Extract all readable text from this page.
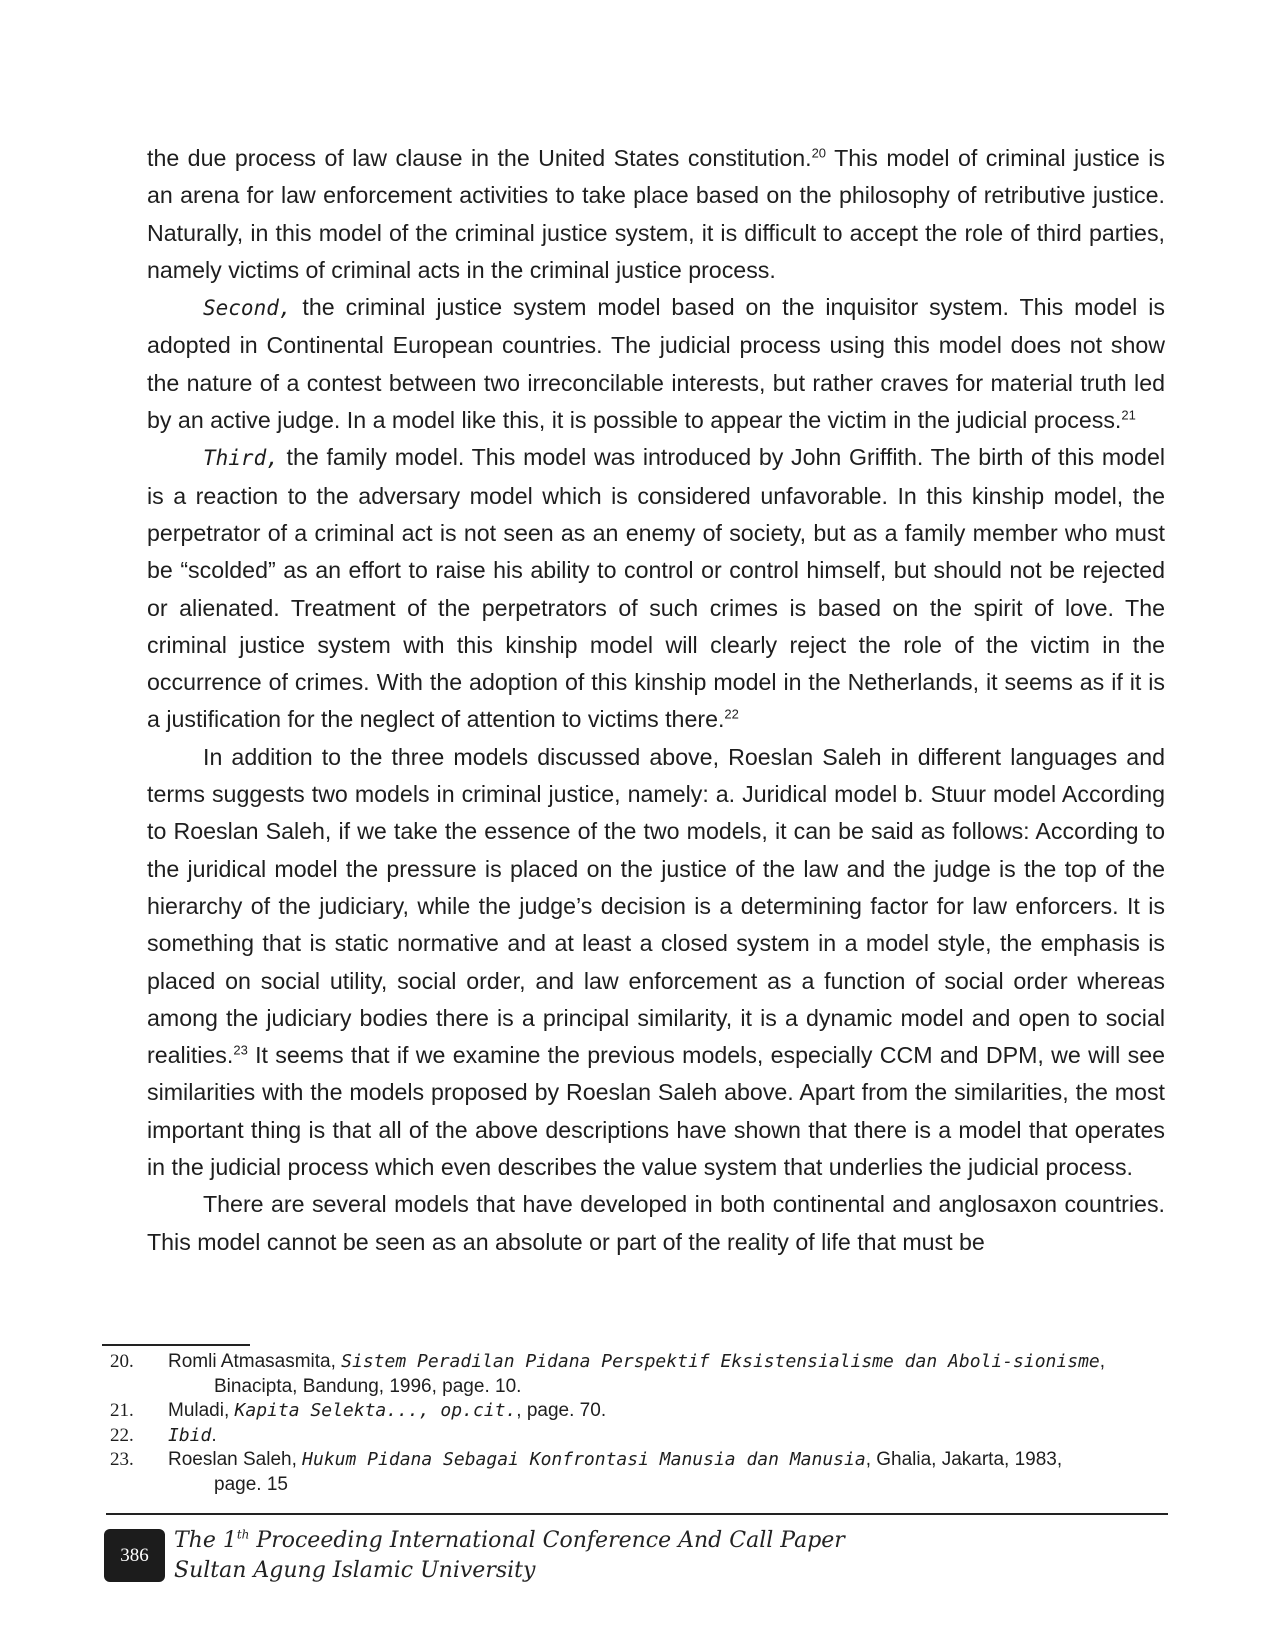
the due process of law clause in the United States constitution.$^{20}$ This model of criminal justice is an arena for law enforcement activities to take place based on the philosophy of retributive justice. Naturally, in this model of the criminal justice system, it is difficult to accept the role of third parties, namely victims of criminal acts in the criminal justice process.

Second, the criminal justice system model based on the inquisitor system. This model is adopted in Continental European countries. The judicial process using this model does not show the nature of a contest between two irreconcilable interests, but rather craves for material truth led by an active judge. In a model like this, it is possible to appear the victim in the judicial process.$^{21}$

Third, the family model. This model was introduced by John Griffith. The birth of this model is a reaction to the adversary model which is considered unfavorable. In this kinship model, the perpetrator of a criminal act is not seen as an enemy of society, but as a family member who must be “scolded” as an effort to raise his ability to control or control himself, but should not be rejected or alienated. Treatment of the perpetrators of such crimes is based on the spirit of love. The criminal justice system with this kinship model will clearly reject the role of the victim in the occurrence of crimes. With the adoption of this kinship model in the Netherlands, it seems as if it is a justification for the neglect of attention to victims there.$^{22}$

In addition to the three models discussed above, Roeslan Saleh in different languages and terms suggests two models in criminal justice, namely: a. Juridical model b. Stuur model According to Roeslan Saleh, if we take the essence of the two models, it can be said as follows: According to the juridical model the pressure is placed on the justice of the law and the judge is the top of the hierarchy of the judiciary, while the judge’s decision is a determining factor for law enforcers. It is something that is static normative and at least a closed system in a model style, the emphasis is placed on social utility, social order, and law enforcement as a function of social order whereas among the judiciary bodies there is a principal similarity, it is a dynamic model and open to social realities.$^{23}$ It seems that if we examine the previous models, especially CCM and DPM, we will see similarities with the models proposed by Roeslan Saleh above. Apart from the similarities, the most important thing is that all of the above descriptions have shown that there is a model that operates in the judicial process which even describes the value system that underlies the judicial process.

There are several models that have developed in both continental and anglosaxon countries. This model cannot be seen as an absolute or part of the reality of life that must be

20. Romli Atmasasmita, Sistem Peradilan Pidana Perspektif Eksistensialisme dan Aboli-sionisme,

Binacipta, Bandung, 1996, page. 10.
21. Muladi, Kapita Selekta..., op.cit., page. 70.
22. Ibid.
23. Roeslan Saleh, Hukum Pidana Sebagai Konfrontasi Manusia dan Manusia, Ghalia, Jakarta, 1983,

page. 15
386
The 1th Proceeding International Conference And Call Paper
Sultan Agung Islamic University
